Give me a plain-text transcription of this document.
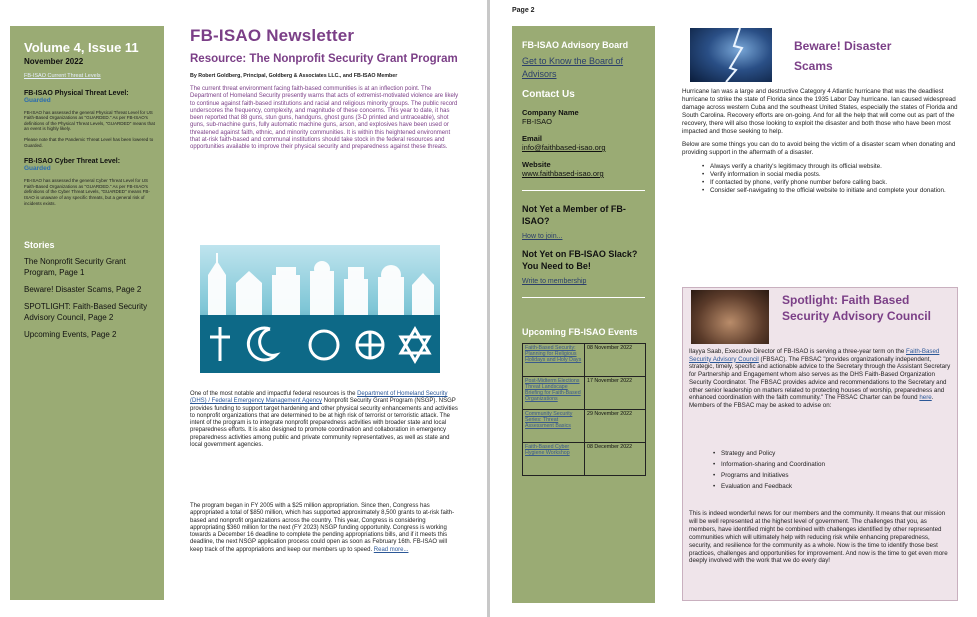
Volume 4, Issue 11
November 2022
FB-ISAO Current Threat Levels
FB-ISAO Physical Threat Level:
Guarded
FB-ISAO has assessed the general Physical Threat Level for US Faith-Based Organizations as "GUARDED." As per FB-ISAO's definitions of the Physical Threat Levels, "GUARDED" means that an event is highly likely.
Please note that the Pandemic Threat Level has been lowered to Guarded.
FB-ISAO Cyber Threat Level:
Guarded
FB-ISAO has assessed the general Cyber Threat Level for US Faith-Based Organizations as "GUARDED." As per FB-ISAO's definitions of the Cyber Threat Levels, "GUARDED" means FB-ISAO is unaware of any specific threats, but a general risk of incidents exists.
Stories
The Nonprofit Security Grant Program, Page 1
Beware! Disaster Scams, Page 2
SPOTLIGHT: Faith-Based Security Advisory Council, Page 2
Upcoming Events, Page 2
FB-ISAO Newsletter
Resource: The Nonprofit Security Grant Program
By Robert Goldberg, Principal, Goldberg & Associates LLC., and FB-ISAO Member
The current threat environment facing faith-based communities is at an inflection point. The Department of Homeland Security presently warns that acts of extremist-motivated violence are likely to continue against faith-based institutions and racial and religious minority groups. The public record underscores the frequency, complexity, and magnitude of these concerns. This year to date, it has been reported that 88 guns, stun guns, handguns, ghost guns (3-D printed and untraceable), shot guns, sub-machine guns, fully automatic machine guns, arson, and explosives have been used or threatened against faith, ethnic, and minority communities. It is within this heightened environment that at-risk faith-based and communal institutions should take stock in the federal resources and opportunities available to improve their physical security and preparedness against these threats.
One of the most notable and impactful federal resources is the Department of Homeland Security (DHS) / Federal Emergency Management Agency Nonprofit Security Grant Program (NSGP). NSGP provides funding to support target hardening and other physical security enhancements and activities to nonprofit organizations that are determined to be at high risk of terrorist or terroristic attack. The intent of the program is to integrate nonprofit preparedness activities with broader state and local preparedness efforts. It is also designed to promote coordination and collaboration in emergency preparedness activities among public and private community representatives, as well as state and local government agencies.
The program began in FY 2005 with a $25 million appropriation. Since then, Congress has appropriated a total of $850 million, which has supported approximately 8,500 grants to at-risk faith-based and nonprofit organizations across the country. This year, Congress is considering appropriating $360 million for the next (FY 2023) NSGP funding opportunity. Congress is working towards a December 16 deadline to complete the pending appropriations bills, and if it meets this deadline, the next NSGP application process could open as soon as February 16th. FB-ISAO will keep track of the appropriations and keep our members up to speed. Read more...
Page 2
FB-ISAO Advisory Board
Get to Know the Board of Advisors
Contact Us
Company Name
FB-ISAO
Email
info@faithbased-isao.org
Website
www.faithbased-isao.org
Not Yet a Member of FB-ISAO?
How to join...
Not Yet on FB-ISAO Slack? You Need to Be!
Write to membership
Upcoming FB-ISAO Events
Faith-Based Security: Planning for Religious Holidays and Holy Days	08 November 2022
Post-Midterm Elections Threat Landscape Briefing for Faith-Based Organizations	17 November 2022
Community Security Series: Threat Assessment Basics	29 November 2022
Faith-Based Cyber Hygiene Workshop	08 December 2022
Beware! Disaster Scams
Hurricane Ian was a large and destructive Category 4 Atlantic hurricane that was the deadliest hurricane to strike the state of Florida since the 1935 Labor Day hurricane. Ian caused widespread damage across western Cuba and the southeast United States, especially the states of Florida and South Carolina. Recovery efforts are on-going. And for all the help that will come out as part of the recovery, there will also those looking to exploit the disaster and both those who have been most impacted and those seeking to help.
Below are some things you can do to avoid being the victim of a disaster scam when donating and providing support in the aftermath of a disaster.
• Always verify a charity's legitimacy through its official website.
• Verify information in social media posts.
• If contacted by phone, verify phone number before calling back.
• Consider self-navigating to the official website to initiate and complete your donation.
Spotlight: Faith Based Security Advisory Council
Ilayya Saab, Executive Director of FB-ISAO is serving a three-year term on the Faith-Based Security Advisory Council (FBSAC). The FBSAC "provides organizationally independent, strategic, timely, specific and actionable advice to the Secretary through the Assistant Secretary for Partnership and Engagement whom also serves as the DHS Faith-Based Organization Security Coordinator. The FBSAC provides advice and recommendations to the Secretary and other senior leadership on matters related to protecting houses of worship, preparedness and enhanced coordination with the faith community." The FBSAC Charter can be found here. Members of the FBSAC may be asked to advise on:
• Strategy and Policy
• Information-sharing and Coordination
• Programs and Initiatives
• Evaluation and Feedback
This is indeed wonderful news for our members and the community. It means that our mission will be well represented at the highest level of government. The challenges that you, as members, have identified might be combined with challenges identified by other represented communities which will ultimately help with reducing risk while enhancing preparedness, security, and resilience for the community as a whole. Now is the time to identify those best practices, challenges and opportunities for improvement. And now is the time to get even more deeply involved with the work that we do every day!
